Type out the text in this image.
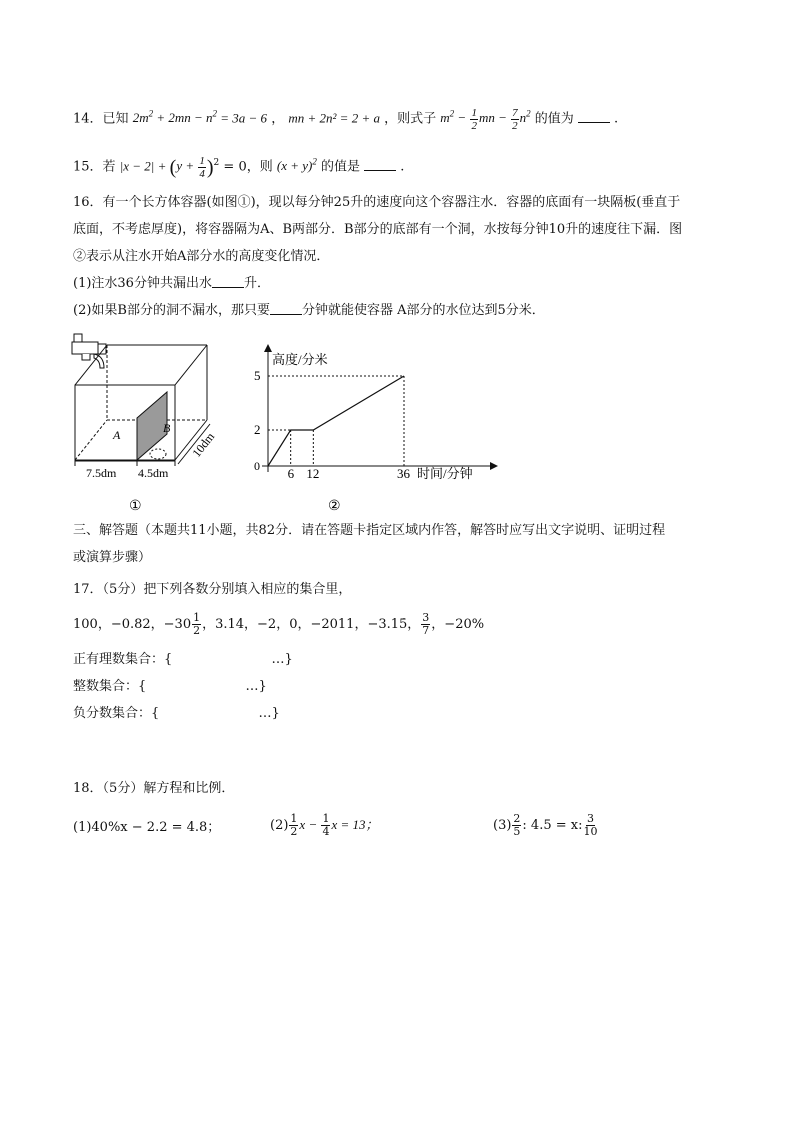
14．已知 $2m^2 + 2mn - n^2 = 3a - 6$ ， mn + 2n² = 2 + a ，则式子 $m^2 - \frac{1}{2}$ mn − $\frac{7}{2} n^2$ 的值为	.
15．若 $|x - 2| + (y + \frac{1}{4} )^2 = 0$，则 $(x + y)^2$ 的值是	.
16．有一个长方体容器(如图①)，现以每分钟25升的速度向这个容器注水．容器的底面有一块隔板(垂直于
底面，不考虑厚度)，将容器隔为A、B两部分．B部分的底部有一个洞，水按每分钟10升的速度往下漏．图
②表示从注水开始A部分水的高度变化情况．
(1)注水36分钟共漏出水 升．
(2)如果B部分的洞不漏水，那只要 分钟就能使容器 A部分的水位达到5分米．
A	B
7.5dm 4.5dm
10dm
①
高度/分米
时间/分钟
0 6 12	36
2
5
②
三、解答题（本题共11小题，共82分．请在答题卡指定区域内作答，解答时应写出文字说明、证明过程
或演算步骤）
17．（5分）把下列各数分别填入相应的集合里，
100，−0.82，$-30 \frac{1}{2}$ ，3.14，−2，0，−2011，−3.15̇， $\frac{3}{7}$ ，−20%
正有理数集合：{                        …}
整数集合：{                        …}
负分数集合：{                        …}
18．（5分）解方程和比例．
(1)40%x − 2.2 = 4.8；	$(2) \frac{1}{2}$ $x - \frac{1}{4}$ x = 13；	$(3) \frac{2}{5}$ : 4.5 = x: $\frac{3}{10}$
